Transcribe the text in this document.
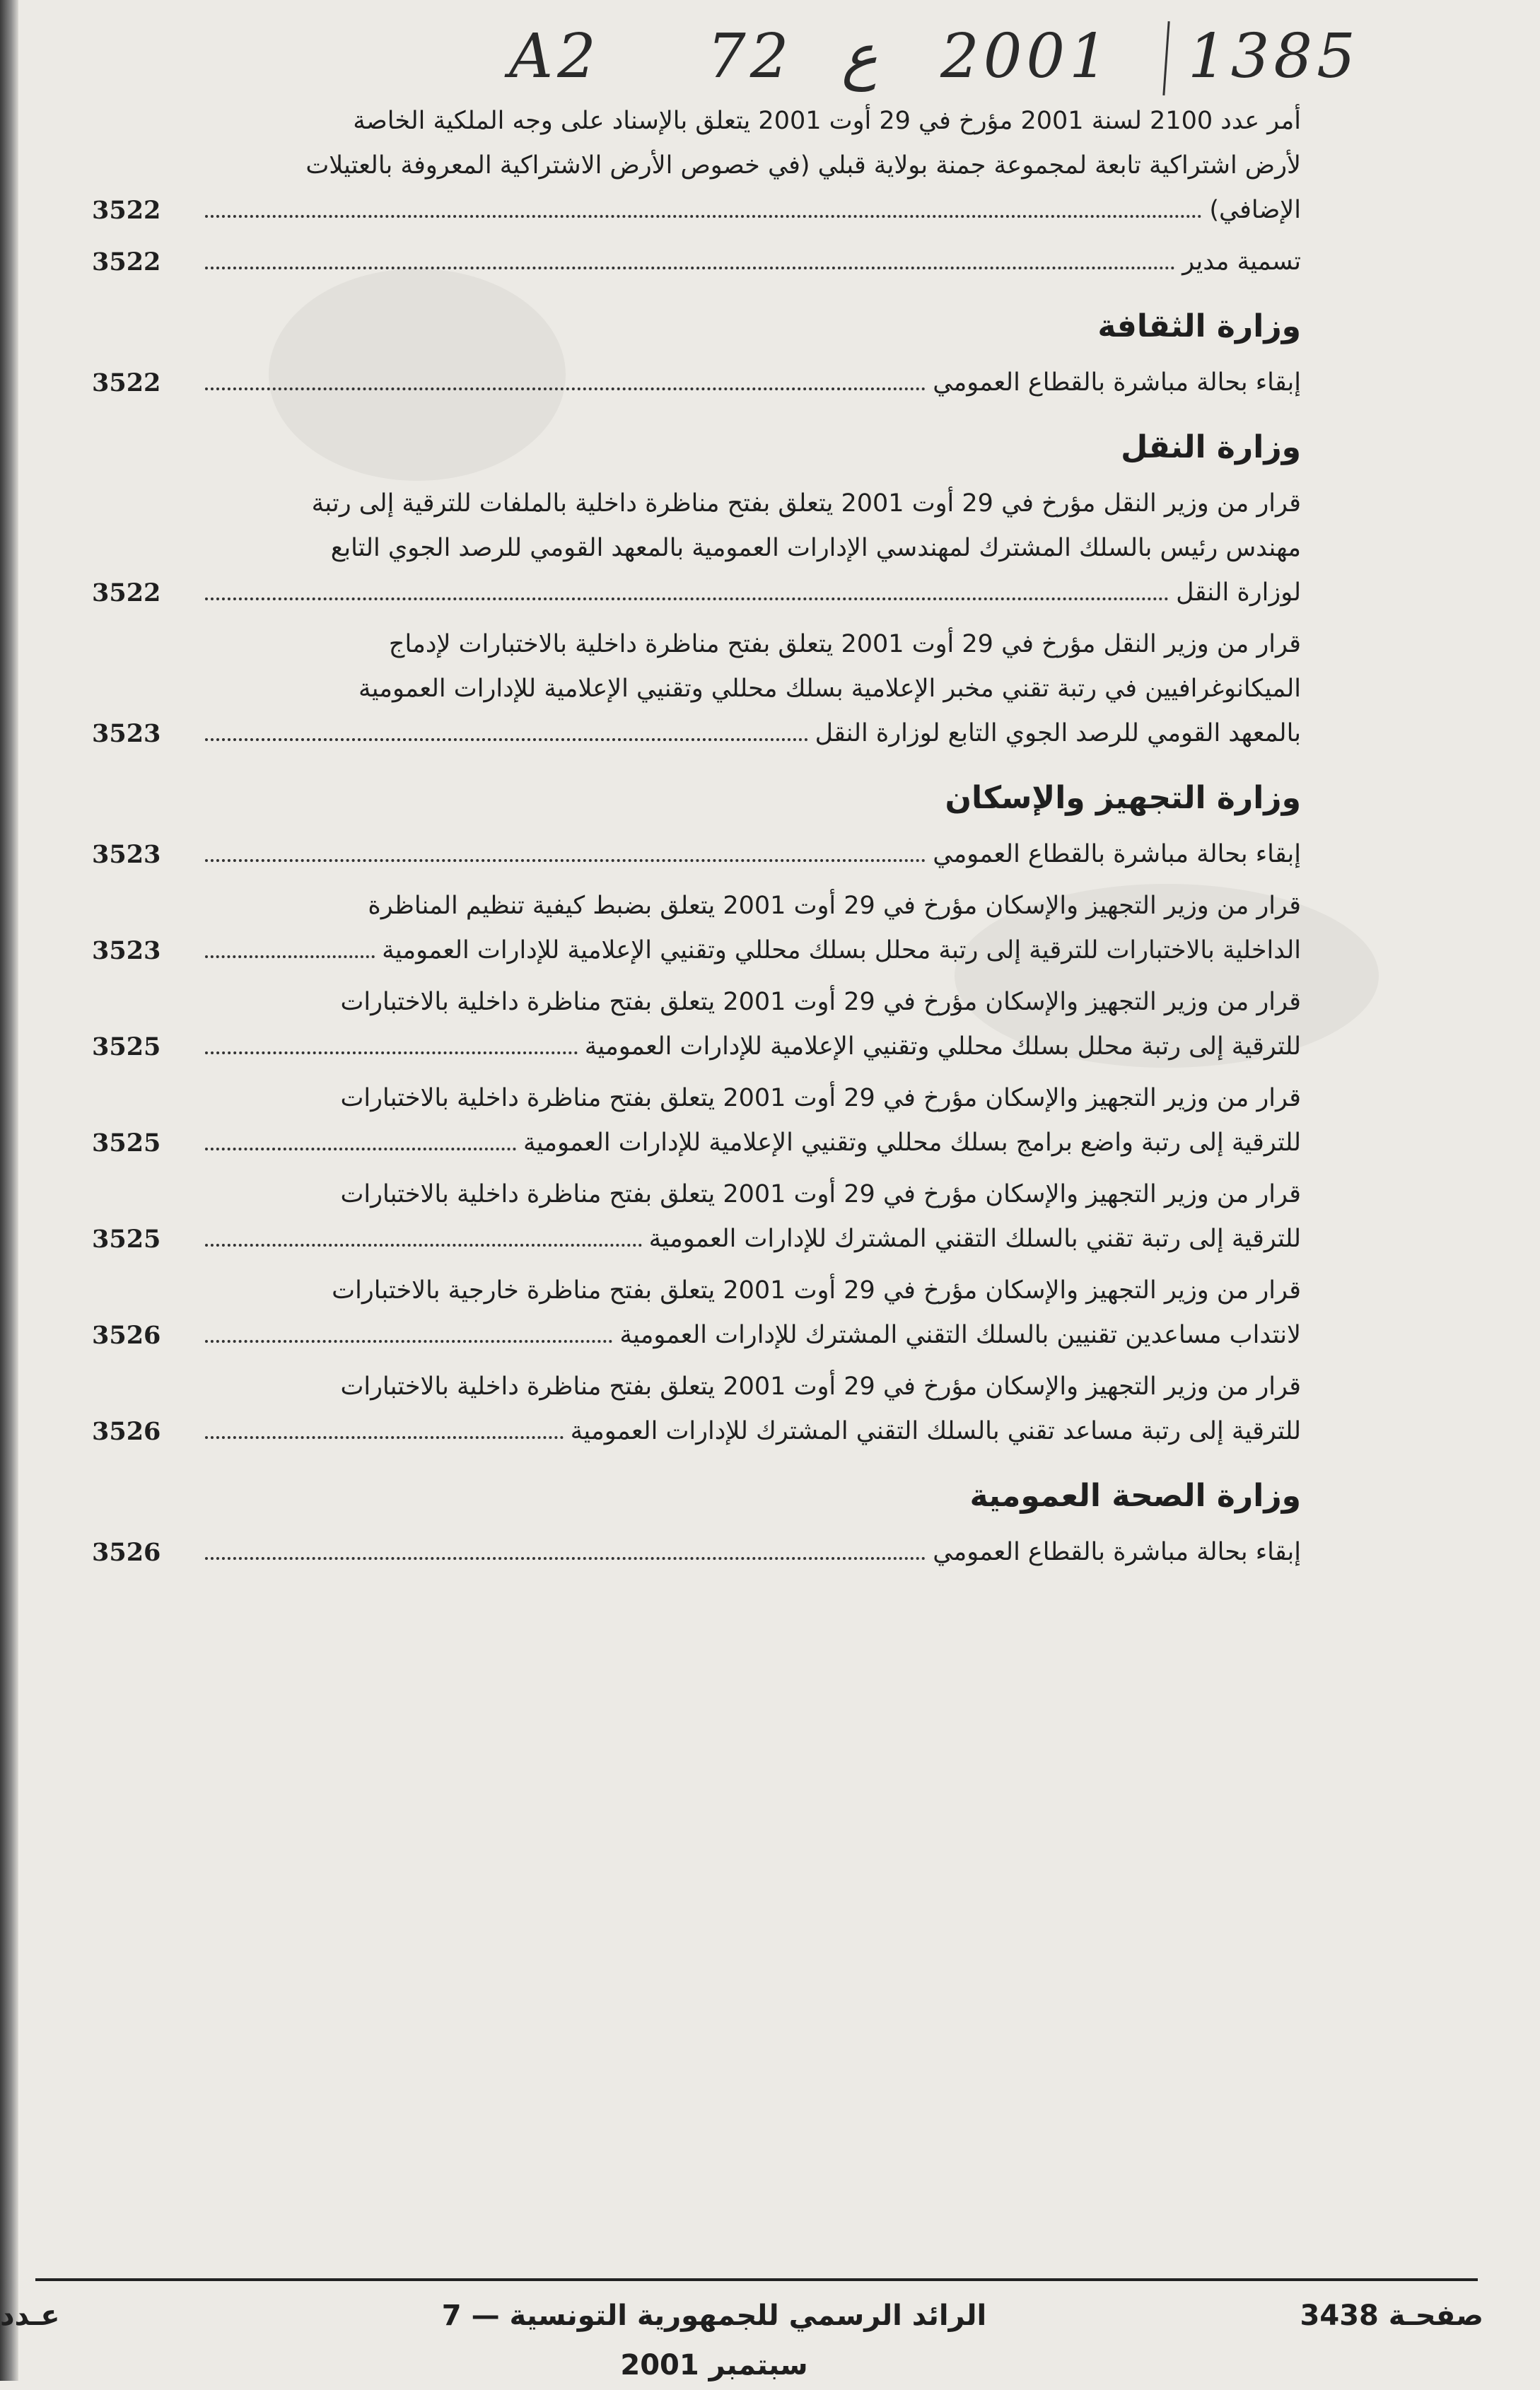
A2 72 ع 2001 1385
أمر عدد 2100 لسنة 2001 مؤرخ في 29 أوت 2001 يتعلق بالإسناد على وجه الملكية الخاصة
لأرض اشتراكية تابعة لمجموعة جمنة بولاية قبلي (في خصوص الأرض الاشتراكية المعروفة بالعتيلات
الإضافي)
3522
تسمية مدير
3522
وزارة الثقافة
إبقاء بحالة مباشرة بالقطاع العمومي
3522
وزارة النقل
قرار من وزير النقل مؤرخ في 29 أوت 2001 يتعلق بفتح مناظرة داخلية بالملفات للترقية إلى رتبة
مهندس رئيس بالسلك المشترك لمهندسي الإدارات العمومية بالمعهد القومي للرصد الجوي التابع
لوزارة النقل
3522
قرار من وزير النقل مؤرخ في 29 أوت 2001 يتعلق بفتح مناظرة داخلية بالاختبارات لإدماج
الميكانوغرافيين في رتبة تقني مخبر الإعلامية بسلك محللي وتقنيي الإعلامية للإدارات العمومية
بالمعهد القومي للرصد الجوي التابع لوزارة النقل
3523
وزارة التجهيز والإسكان
إبقاء بحالة مباشرة بالقطاع العمومي
3523
قرار من وزير التجهيز والإسكان مؤرخ في 29 أوت 2001 يتعلق بضبط كيفية تنظيم المناظرة
الداخلية بالاختبارات للترقية إلى رتبة محلل بسلك محللي وتقنيي الإعلامية للإدارات العمومية
3523
قرار من وزير التجهيز والإسكان مؤرخ في 29 أوت 2001 يتعلق بفتح مناظرة داخلية بالاختبارات
للترقية إلى رتبة محلل بسلك محللي وتقنيي الإعلامية للإدارات العمومية
3525
قرار من وزير التجهيز والإسكان مؤرخ في 29 أوت 2001 يتعلق بفتح مناظرة داخلية بالاختبارات
للترقية إلى رتبة واضع برامج بسلك محللي وتقنيي الإعلامية للإدارات العمومية
3525
قرار من وزير التجهيز والإسكان مؤرخ في 29 أوت 2001 يتعلق بفتح مناظرة داخلية بالاختبارات
للترقية إلى رتبة تقني بالسلك التقني المشترك للإدارات العمومية
3525
قرار من وزير التجهيز والإسكان مؤرخ في 29 أوت 2001 يتعلق بفتح مناظرة خارجية بالاختبارات
لانتداب مساعدين تقنيين بالسلك التقني المشترك للإدارات العمومية
3526
قرار من وزير التجهيز والإسكان مؤرخ في 29 أوت 2001 يتعلق بفتح مناظرة داخلية بالاختبارات
للترقية إلى رتبة مساعد تقني بالسلك التقني المشترك للإدارات العمومية
3526
وزارة الصحة العمومية
إبقاء بحالة مباشرة بالقطاع العمومي
3526
عـدد	الرائد الرسمي للجمهورية التونسية — 7 سبتمبر 2001
صفحـة 3438
